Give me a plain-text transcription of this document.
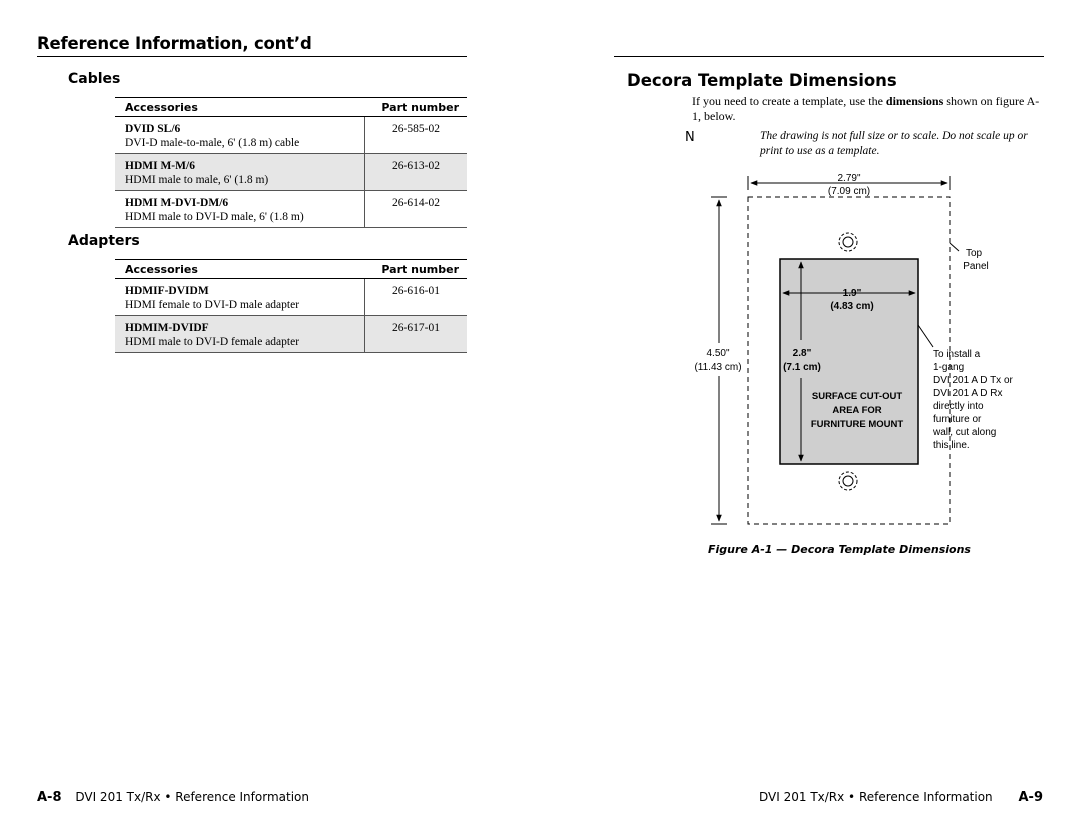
Reference Information, cont’d
Cables
Accessories	Part number

DVID SL/6
DVI-D male-to-male, 6' (1.8 m) cable	26-585-02

HDMI M-M/6
HDMI male to male, 6' (1.8 m)	26-613-02

HDMI M-DVI-DM/6
HDMI male to DVI-D male, 6' (1.8 m)	26-614-02
Adapters
Accessories	Part number

HDMIF-DVIDM
HDMI female to DVI-D male adapter	26-616-01

HDMIM-DVIDF
HDMI male to DVI-D female adapter	26-617-01
A-8 DVI 201 Tx/Rx • Reference Information
Decora Template Dimensions
If you need to create a template, use the dimensions shown on figure A-1, below.
N	The drawing is not full size or to scale. Do not scale up or print to use as a template.
2.79"
(7.09 cm)
4.50"
(11.43 cm)
1.9"
(4.83 cm)
2.8"
(7.1 cm)
SURFACE CUT-OUT
AREA FOR
FURNITURE MOUNT
Top
Panel
To install a
1-gang
DVI 201 A D Tx or
DVI 201 A D Rx
directly into
furniture or
wall, cut along
this line.
Figure A-1 — Decora Template Dimensions
DVI 201 Tx/Rx • Reference Information A-9
